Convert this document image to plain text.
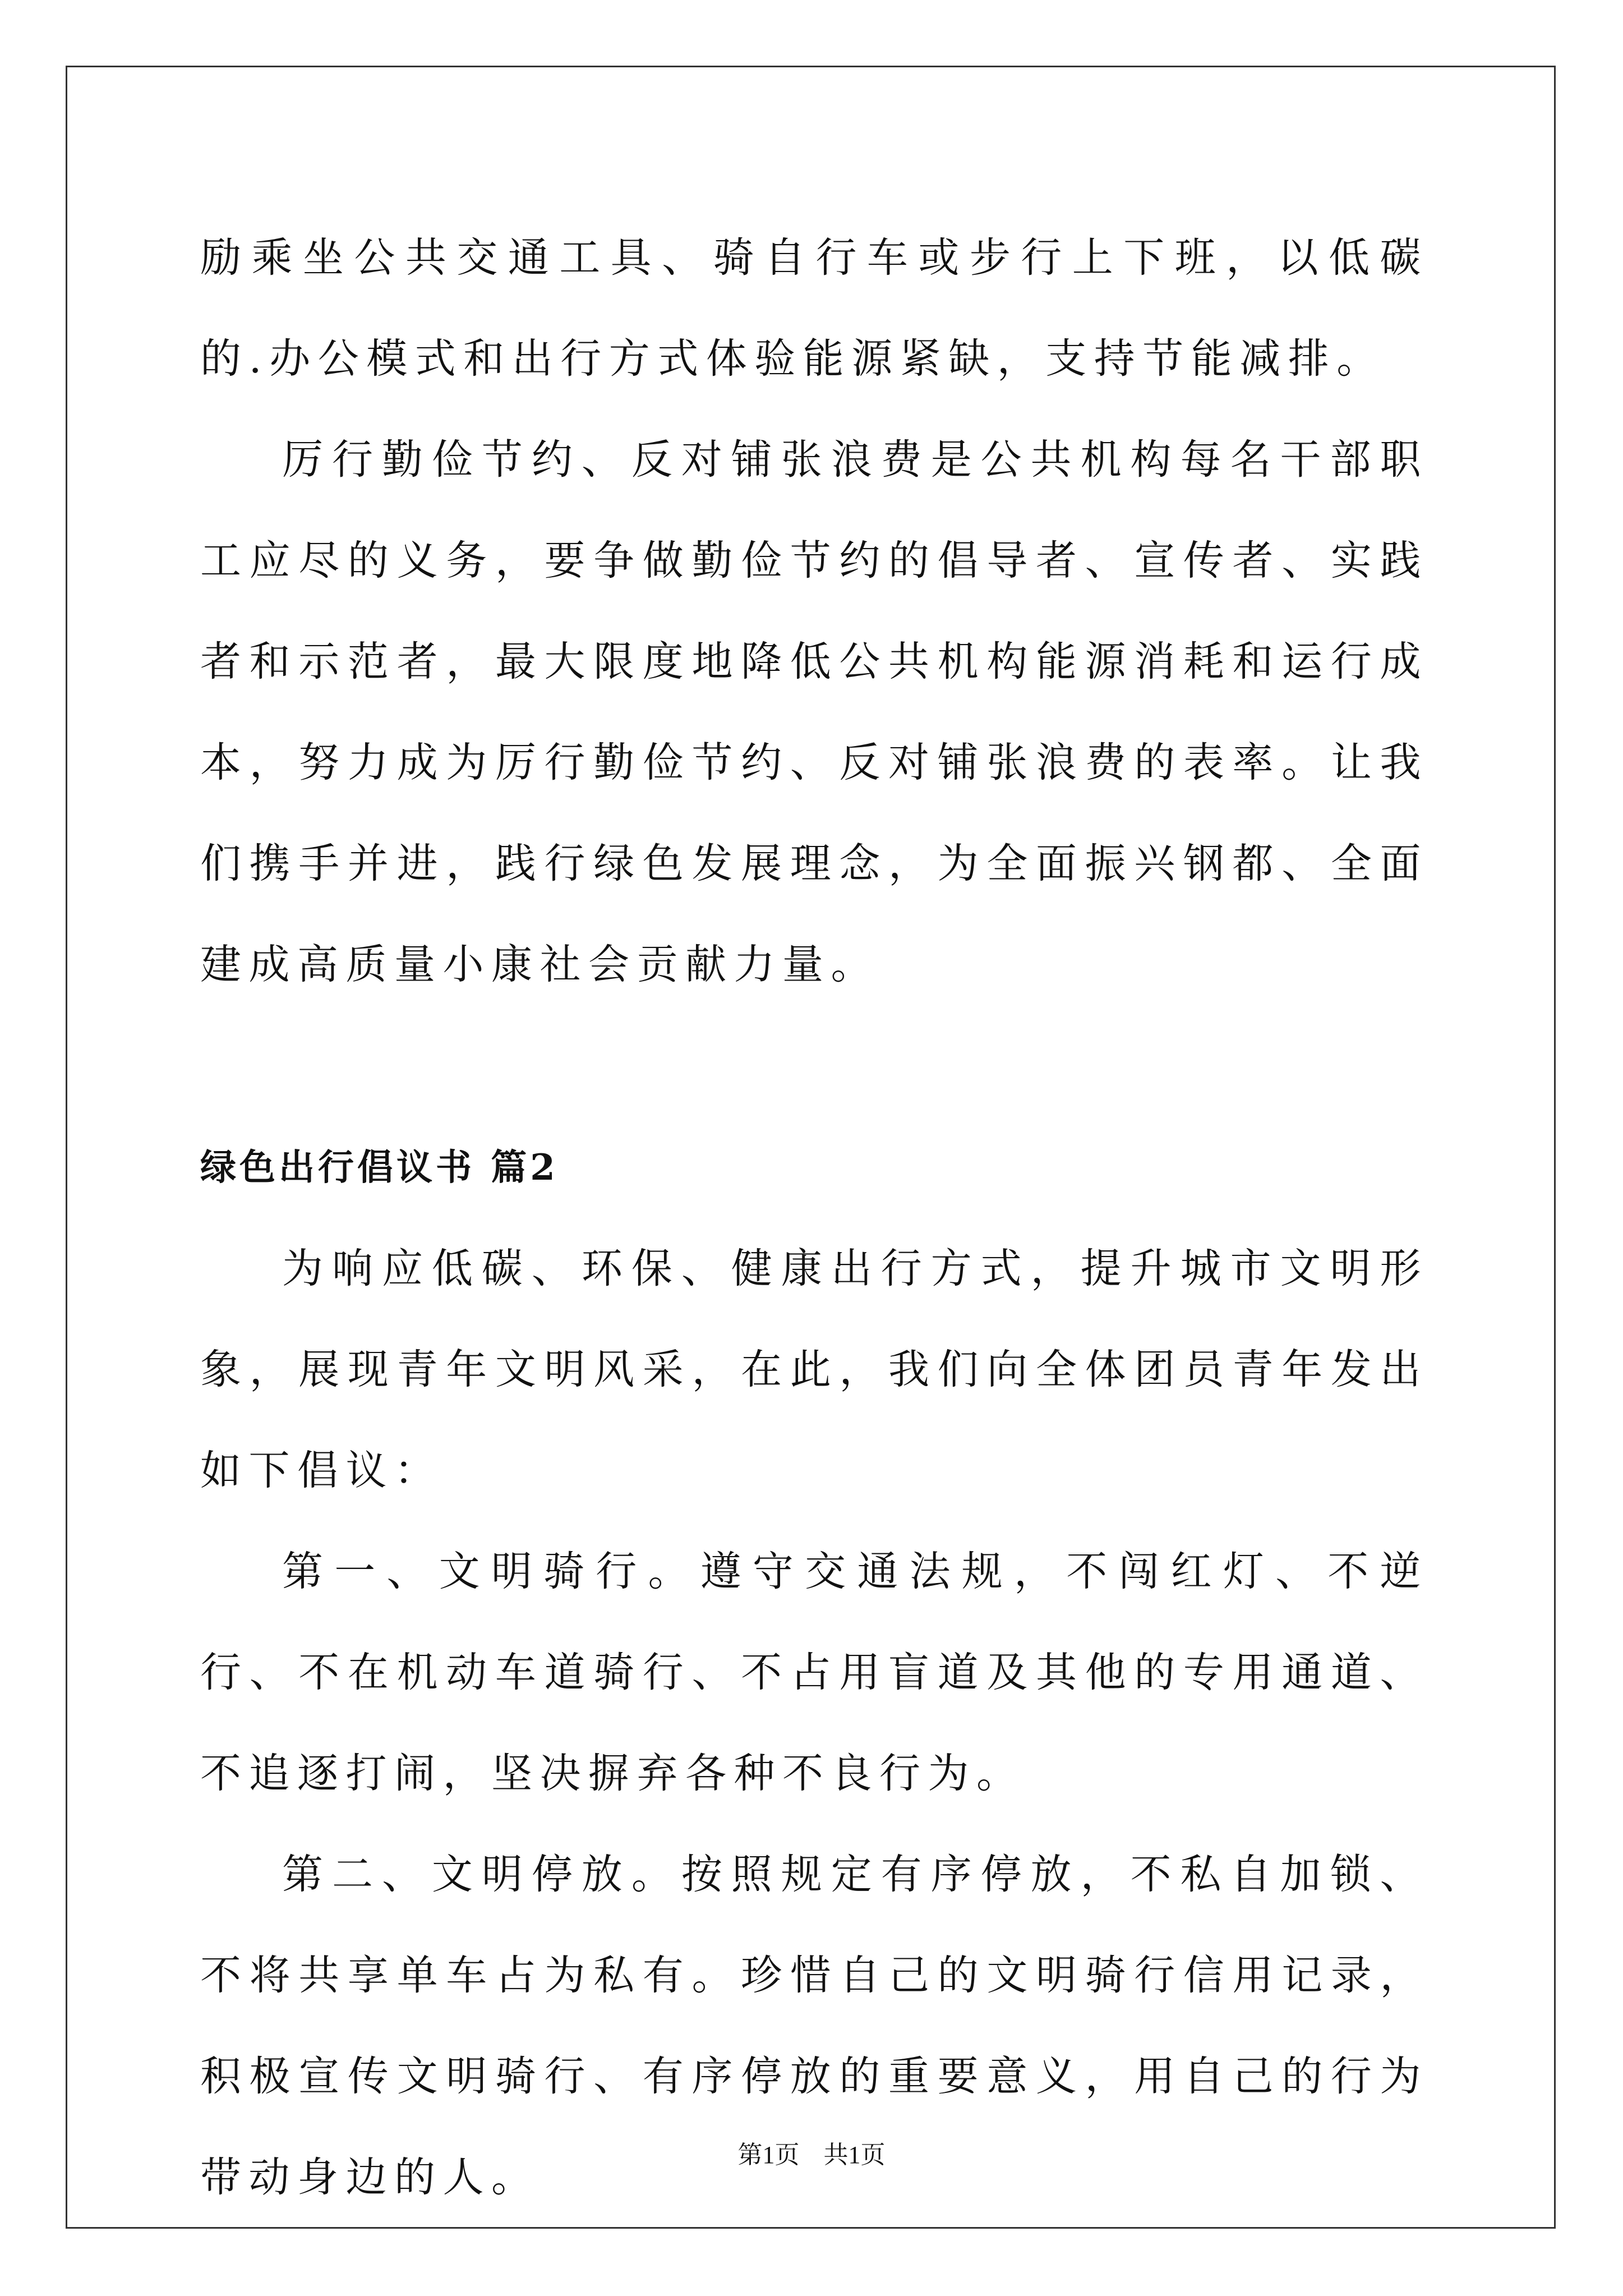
励乘坐公共交通工具、骑自行车或步行上下班，以低碳的.办公模式和出行方式体验能源紧缺，支持节能减排。

厉行勤俭节约、反对铺张浪费是公共机构每名干部职工应尽的义务，要争做勤俭节约的倡导者、宣传者、实践者和示范者，最大限度地降低公共机构能源消耗和运行成本，努力成为厉行勤俭节约、反对铺张浪费的表率。让我们携手并进，践行绿色发展理念，为全面振兴钢都、全面建成高质量小康社会贡献力量。

绿色出行倡议书 篇2

为响应低碳、环保、健康出行方式，提升城市文明形象，展现青年文明风采，在此，我们向全体团员青年发出如下倡议：

第一、文明骑行。遵守交通法规，不闯红灯、不逆行、不在机动车道骑行、不占用盲道及其他的专用通道、不追逐打闹，坚决摒弃各种不良行为。

第二、文明停放。按照规定有序停放，不私自加锁、不将共享单车占为私有。珍惜自己的文明骑行信用记录，积极宣传文明骑行、有序停放的重要意义，用自己的行为带动身边的人。	第1页 共1页
